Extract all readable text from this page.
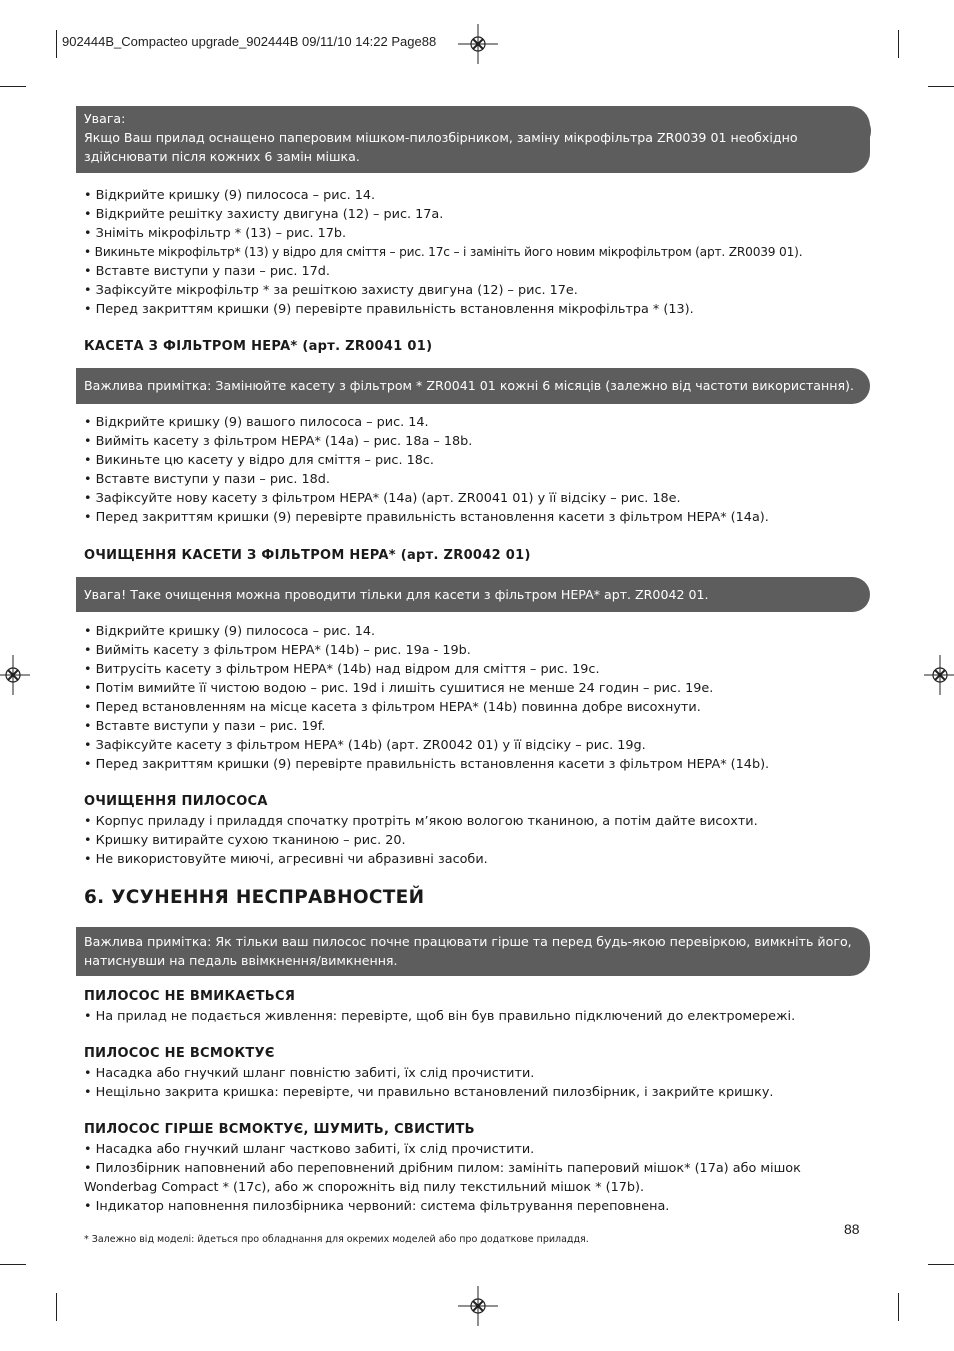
902444B_Compacteo upgrade_902444B 09/11/10 14:22 Page88
Увага:
Якщо Ваш прилад оснащено паперовим мішком-пилозбірником, заміну мікрофільтра ZR0039 01 необхідно здійснювати після кожних 6 замін мішка.
• Відкрийте кришку (9) пилососа – рис. 14.
• Відкрийте решітку захисту двигуна (12) – рис. 17a.
• Зніміть мікрофільтр * (13) – рис. 17b.
• Викиньте мікрофільтр* (13) у відро для сміття – рис. 17c – і замініть його новим мікрофільтром (арт. ZR0039 01).
• Вставте виступи у пази – рис. 17d.
• Зафіксуйте мікрофільтр * за решіткою захисту двигуна (12) – рис. 17e.
• Перед закриттям кришки (9) перевірте правильність встановлення мікрофільтра * (13).
КАСЕТА З ФІЛЬТРОМ HEPA* (арт. ZR0041 01)
Важлива примітка: Замінюйте касету з фільтром * ZR0041 01 кожні 6 місяців (залежно від частоти використання).
• Відкрийте кришку (9) вашого пилососа – рис. 14.
• Вийміть касету з фільтром HEPA* (14a) – рис. 18a – 18b.
• Викиньте цю касету у відро для сміття – рис. 18c.
• Вставте виступи у пази – рис. 18d.
• Зафіксуйте нову касету з фільтром HEPA* (14a) (арт. ZR0041 01) у її відсіку – рис. 18e.
• Перед закриттям кришки (9) перевірте правильність встановлення касети з фільтром HEPA* (14a).
ОЧИЩЕННЯ КАСЕТИ З ФІЛЬТРОМ HEPA* (арт. ZR0042 01)
Увага! Таке очищення можна проводити тільки для касети з фільтром HEPA* арт. ZR0042 01.
• Відкрийте кришку (9) пилососа – рис. 14.
• Вийміть касету з фільтром HEPA* (14b) – рис. 19a - 19b.
• Витрусіть касету з фільтром HEPA* (14b) над відром для сміття – рис. 19c.
• Потім вимийте її чистою водою – рис. 19d і лишіть сушитися не менше 24 годин – рис. 19e.
• Перед встановленням на місце касета з фільтром HEPA* (14b) повинна добре висохнути.
• Вставте виступи у пази – рис. 19f.
• Зафіксуйте касету з фільтром HEPA* (14b) (арт. ZR0042 01) у її відсіку – рис. 19g.
• Перед закриттям кришки (9) перевірте правильність встановлення касети з фільтром HEPA* (14b).
ОЧИЩЕННЯ ПИЛОСОСА
• Корпус приладу і приладдя спочатку протріть м’якою вологою тканиною, а потім дайте висохти.
• Кришку витирайте сухою тканиною – рис. 20.
• Не використовуйте миючі, агресивні чи абразивні засоби.
6. УСУНЕННЯ НЕСПРАВНОСТЕЙ
Важлива примітка: Як тільки ваш пилосос почне працювати гірше та перед будь-якою перевіркою, вимкніть його, натиснувши на педаль ввімкнення/вимкнення.
ПИЛОСОС НЕ ВМИКАЄТЬСЯ
• На прилад не подається живлення: перевірте, щоб він був правильно підключений до електромережі.
ПИЛОСОС НЕ ВСМОКТУЄ
• Насадка або гнучкий шланг повністю забиті, їх слід прочистити.
• Нещільно закрита кришка: перевірте, чи правильно встановлений пилозбірник, і закрийте кришку.
ПИЛОСОС ГІРШЕ ВСМОКТУЄ, ШУМИТЬ, СВИСТИТЬ
• Насадка або гнучкий шланг частково забиті, їх слід прочистити.
• Пилозбірник наповнений або переповнений дрібним пилом: замініть паперовий мішок* (17a) або мішок Wonderbag Compact * (17c), або ж спорожніть від пилу текстильний мішок * (17b).
• Індикатор наповнення пилозбірника червоний: система фільтрування переповнена.
88
* Залежно від моделі: йдеться про обладнання для окремих моделей або про додаткове приладдя.
